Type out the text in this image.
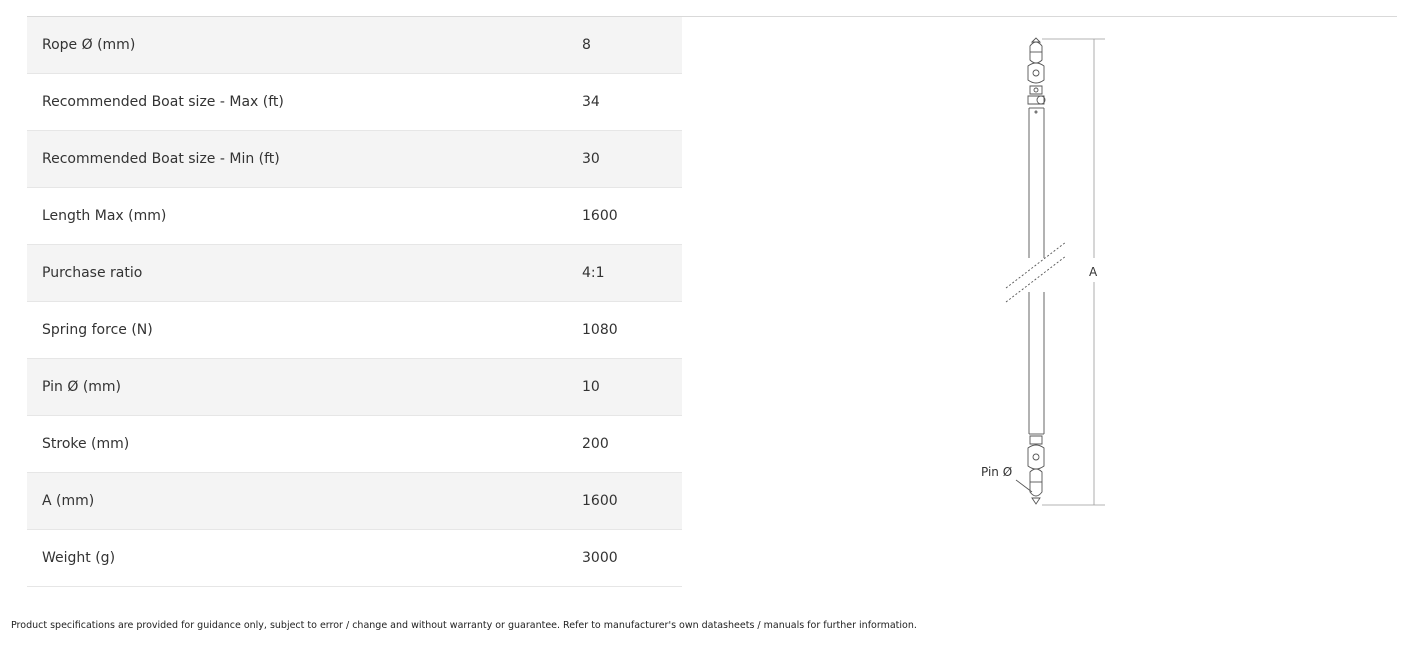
Rope Ø (mm)	8
Recommended Boat size - Max (ft)	34
Recommended Boat size - Min (ft)	30
Length Max (mm)	1600
Purchase ratio	4:1
Spring force (N)	1080
Pin Ø (mm)	10
Stroke (mm)	200
A (mm)	1600
Weight (g)	3000
A
Pin Ø
Product specifications are provided for guidance only, subject to error / change and without warranty or guarantee. Refer to manufacturer's own datasheets / manuals for further information.
